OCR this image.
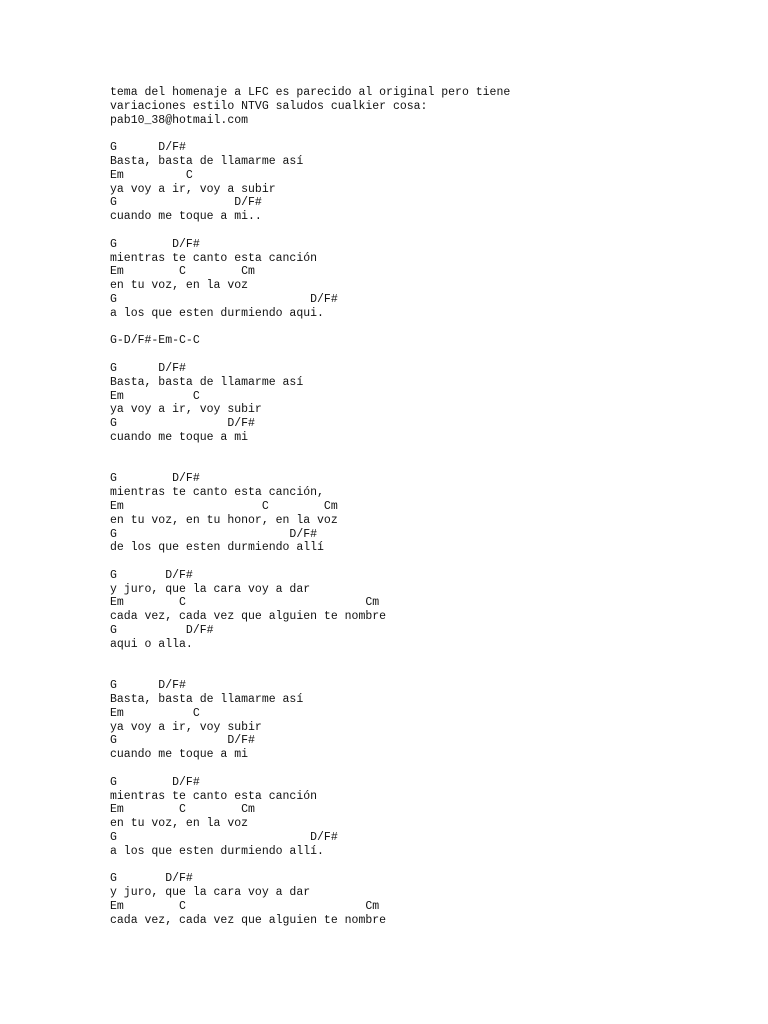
tema del homenaje a LFC es parecido al original pero tiene
variaciones estilo NTVG saludos cualkier cosa:
pab10_38@hotmail.com
G      D/F#
Basta, basta de llamarme así
Em         C
ya voy a ir, voy a subir
G                 D/F#
cuando me toque a mi..
G        D/F#
mientras te canto esta canción
Em        C        Cm
en tu voz, en la voz
G                            D/F#
a los que esten durmiendo aqui.
G-D/F#-Em-C-C
G      D/F#
Basta, basta de llamarme así
Em          C
ya voy a ir, voy subir
G                D/F#
cuando me toque a mi
G        D/F#
mientras te canto esta canción,
Em                    C        Cm
en tu voz, en tu honor, en la voz
G                         D/F#
de los que esten durmiendo allí
G       D/F#
y juro, que la cara voy a dar
Em        C                          Cm
cada vez, cada vez que alguien te nombre
G          D/F#
aqui o alla.
G      D/F#
Basta, basta de llamarme así
Em          C
ya voy a ir, voy subir
G                D/F#
cuando me toque a mi
G        D/F#
mientras te canto esta canción
Em        C        Cm
en tu voz, en la voz
G                            D/F#
a los que esten durmiendo allí.
G       D/F#
y juro, que la cara voy a dar
Em        C                          Cm
cada vez, cada vez que alguien te nombre
